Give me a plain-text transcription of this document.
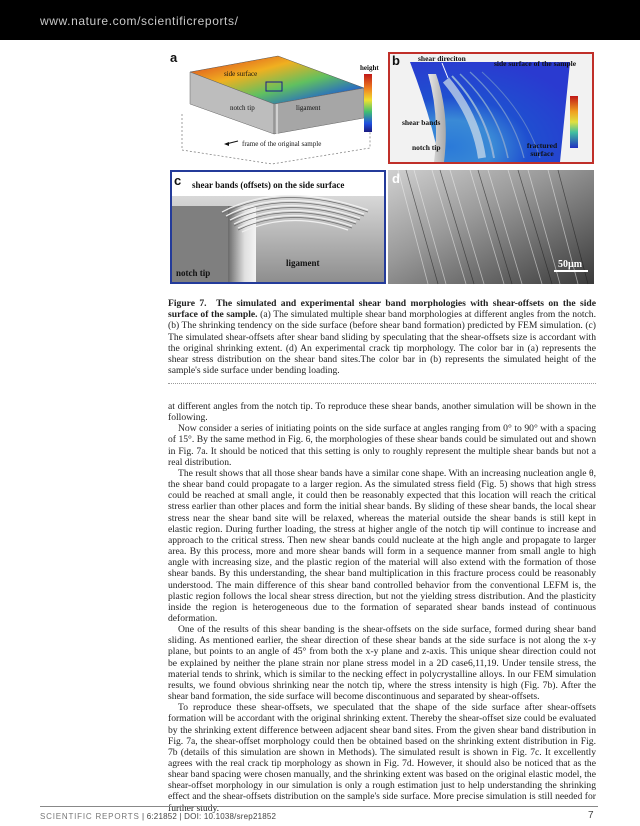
www.nature.com/scientificreports/
a
side surface
notch tip	ligament
frame of the original sample
height b shear direciton
side surface of the sample
shear bands
notch tip	fractured surface
c shear bands (offsets) on the side surface
ligament
notch tip
d
50µm
Figure 7. The simulated and experimental shear band morphologies with shear-offsets on the side surface of the sample. (a) The simulated multiple shear band morphologies at different angles from the notch. (b) The shrinking tendency on the side surface (before shear band formation) predicted by FEM simulation. (c) The simulated shear-offsets after shear band sliding by speculating that the shear-offsets size is accordant with the original shrinking extent. (d) An experimental crack tip morphology. The color bar in (a) represents the shear stress distribution on the shear band sites.The color bar in (b) represents the simulated height of the sample's side surface under bending loading.

at different angles from the notch tip. To reproduce these shear bands, another simulation will be shown in the following.

Now consider a series of initiating points on the side surface at angles ranging from 0° to 90° with a spacing of 15°. By the same method in Fig. 6, the morphologies of these shear bands could be simulated out and shown in Fig. 7a. It should be noticed that this setting is only to roughly represent the multiple shear bands but not a real distribution.

The result shows that all those shear bands have a similar cone shape. With an increasing nucleation angle θ, the shear band could propagate to a larger region. As the simulated stress field (Fig. 5) shows that high stress could be reached at small angle, it could then be reasonably expected that this location will reach the critical stress earlier than other places and form the initial shear bands. By sliding of these shear bands, the local shear stress near the shear band site will be relaxed, whereas the material outside the shear bands is still kept in elastic region. During further loading, the stress at higher angle of the notch tip will continue to increase and approach to the critical stress. Then new shear bands could nucleate at the high angle and propagate to larger area. By this process, more and more shear bands will form in a sequence manner from small angle to high angle with increasing size, and the plastic region of the material will also extend with the formation of those shear bands. By this understanding, the shear band multiplication in this fracture process could be reasonably understood. The main difference of this shear band controlled behavior from the conventional LEFM is, the plastic region follows the local shear stress direction, but not the yielding stress distribution. And the plasticity inside the region is heterogeneous due to the formation of separated shear bands instead of continuous deformation.

One of the results of this shear banding is the shear-offsets on the side surface, formed during shear band sliding. As mentioned earlier, the shear direction of these shear bands at the side surface is not along the x-y plane, but points to an angle of 45° from both the x-y plane and z-axis. This unique shear direction could not be explained by neither the plane strain nor plane stress model in a 2D case6,11,19. Under tensile stress, the material tends to shrink, which is similar to the necking effect in polycrystalline alloys. In our FEM simulation results, we found obvious shrinking near the notch tip, where the stress intensity is high (Fig. 7b). After the shear band formation, the side surface will become discontinuous and separated by shear-offsets.

To reproduce these shear-offsets, we speculated that the shape of the side surface after shear-offsets formation will be accordant with the original shrinking extent. Thereby the shear-offset size could be evaluated by the shrinking extent difference between adjacent shear band sites. From the given shear band distribution in Fig. 7a, the shear-offset morphology could then be obtained based on the shrinking extent distribution in Fig. 7b (details of this simulation are shown in Methods). The simulated result is shown in Fig. 7c. It excellently agrees with the real crack tip morphology as shown in Fig. 7d. However, it should also be noticed that as the shear band spacing were chosen manually, and the shrinking extent was based on the original elastic model, the shear-offset morphology in our simulation is only a rough estimation just to help understanding the shrinking effect and the shear-offsets distribution on the sample's side surface. More precise simulation is still needed for further study.

SCIENTIFIC REPORTS | 6:21852 | DOI: 10.1038/srep21852	7
